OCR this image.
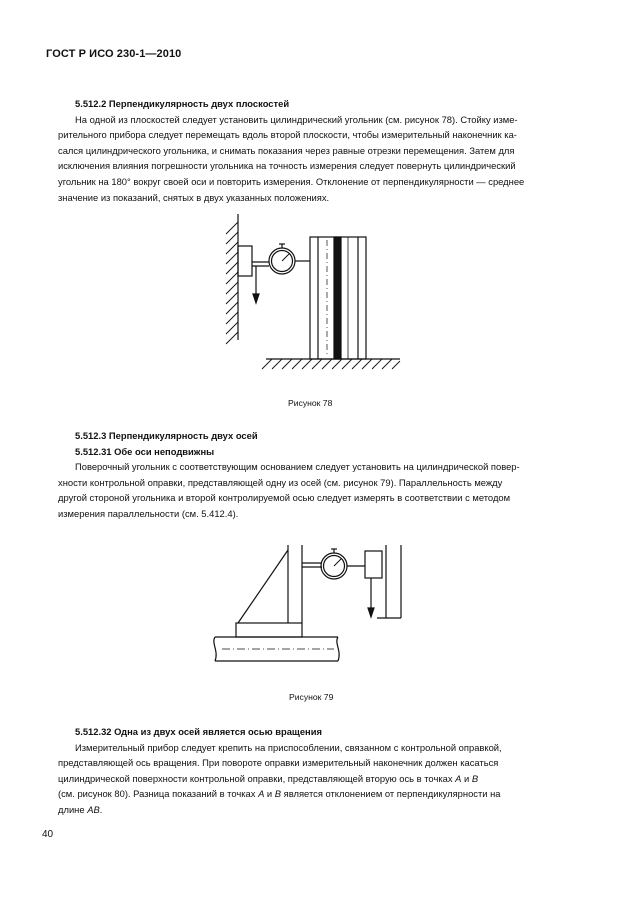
ГОСТ Р ИСО 230-1—2010

5.512.2 Перпендикулярность двух плоскостей

На одной из плоскостей следует установить цилиндрический угольник (см. рисунок 78). Стойку изме-

рительного прибора следует перемещать вдоль второй плоскости, чтобы измерительный наконечник ка-

сался цилиндрического угольника, и снимать показания через равные отрезки перемещения. Затем для

исключения влияния погрешности угольника на точность измерения следует повернуть цилиндрический

угольник на 180° вокруг своей оси и повторить измерения. Отклонение от перпендикулярности — среднее

значение из показаний, снятых в двух указанных положениях.

Рисунок 78

5.512.3 Перпендикулярность двух осей

5.512.31 Обе оси неподвижны

Поверочный угольник с соответствующим основанием следует установить на цилиндрической повер-

хности контрольной оправки, представляющей одну из осей (см. рисунок 79). Параллельность между

другой стороной угольника и второй контролируемой осью следует измерять в соответствии с методом

измерения параллельности (см. 5.412.4).

Рисунок 79

5.512.32 Одна из двух осей является осью вращения

Измерительный прибор следует крепить на приспособлении, связанном с контрольной оправкой,

представляющей ось вращения. При повороте оправки измерительный наконечник должен касаться

цилиндрической поверхности контрольной оправки, представляющей вторую ось в точках A и B

(см. рисунок 80). Разница показаний в точках A и B является отклонением от перпендикулярности на

длине AB.

40
